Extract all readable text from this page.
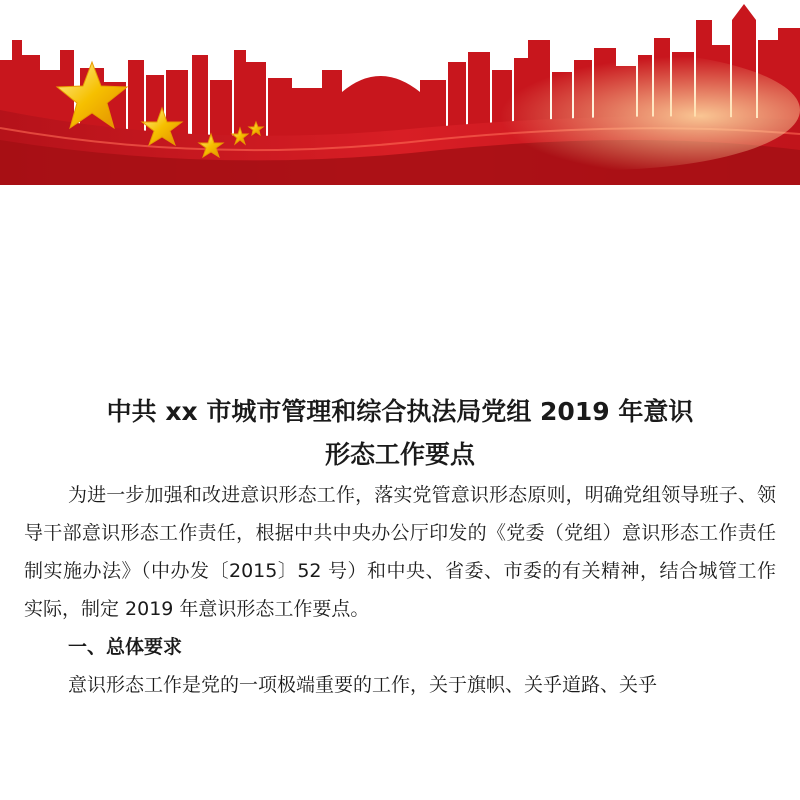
中共 xx 市城市管理和综合执法局党组 2019 年意识
形态工作要点

为进一步加强和改进意识形态工作，落实党管意识形态原则，明确党组领导班子、领导干部意识形态工作责任，根据中共中央办公厅印发的《党委（党组）意识形态工作责任制实施办法》（中办发〔2015〕52 号）和中央、省委、市委的有关精神，结合城管工作实际，制定 2019 年意识形态工作要点。

一、总体要求

意识形态工作是党的一项极端重要的工作，关于旗帜、关乎道路、关乎
